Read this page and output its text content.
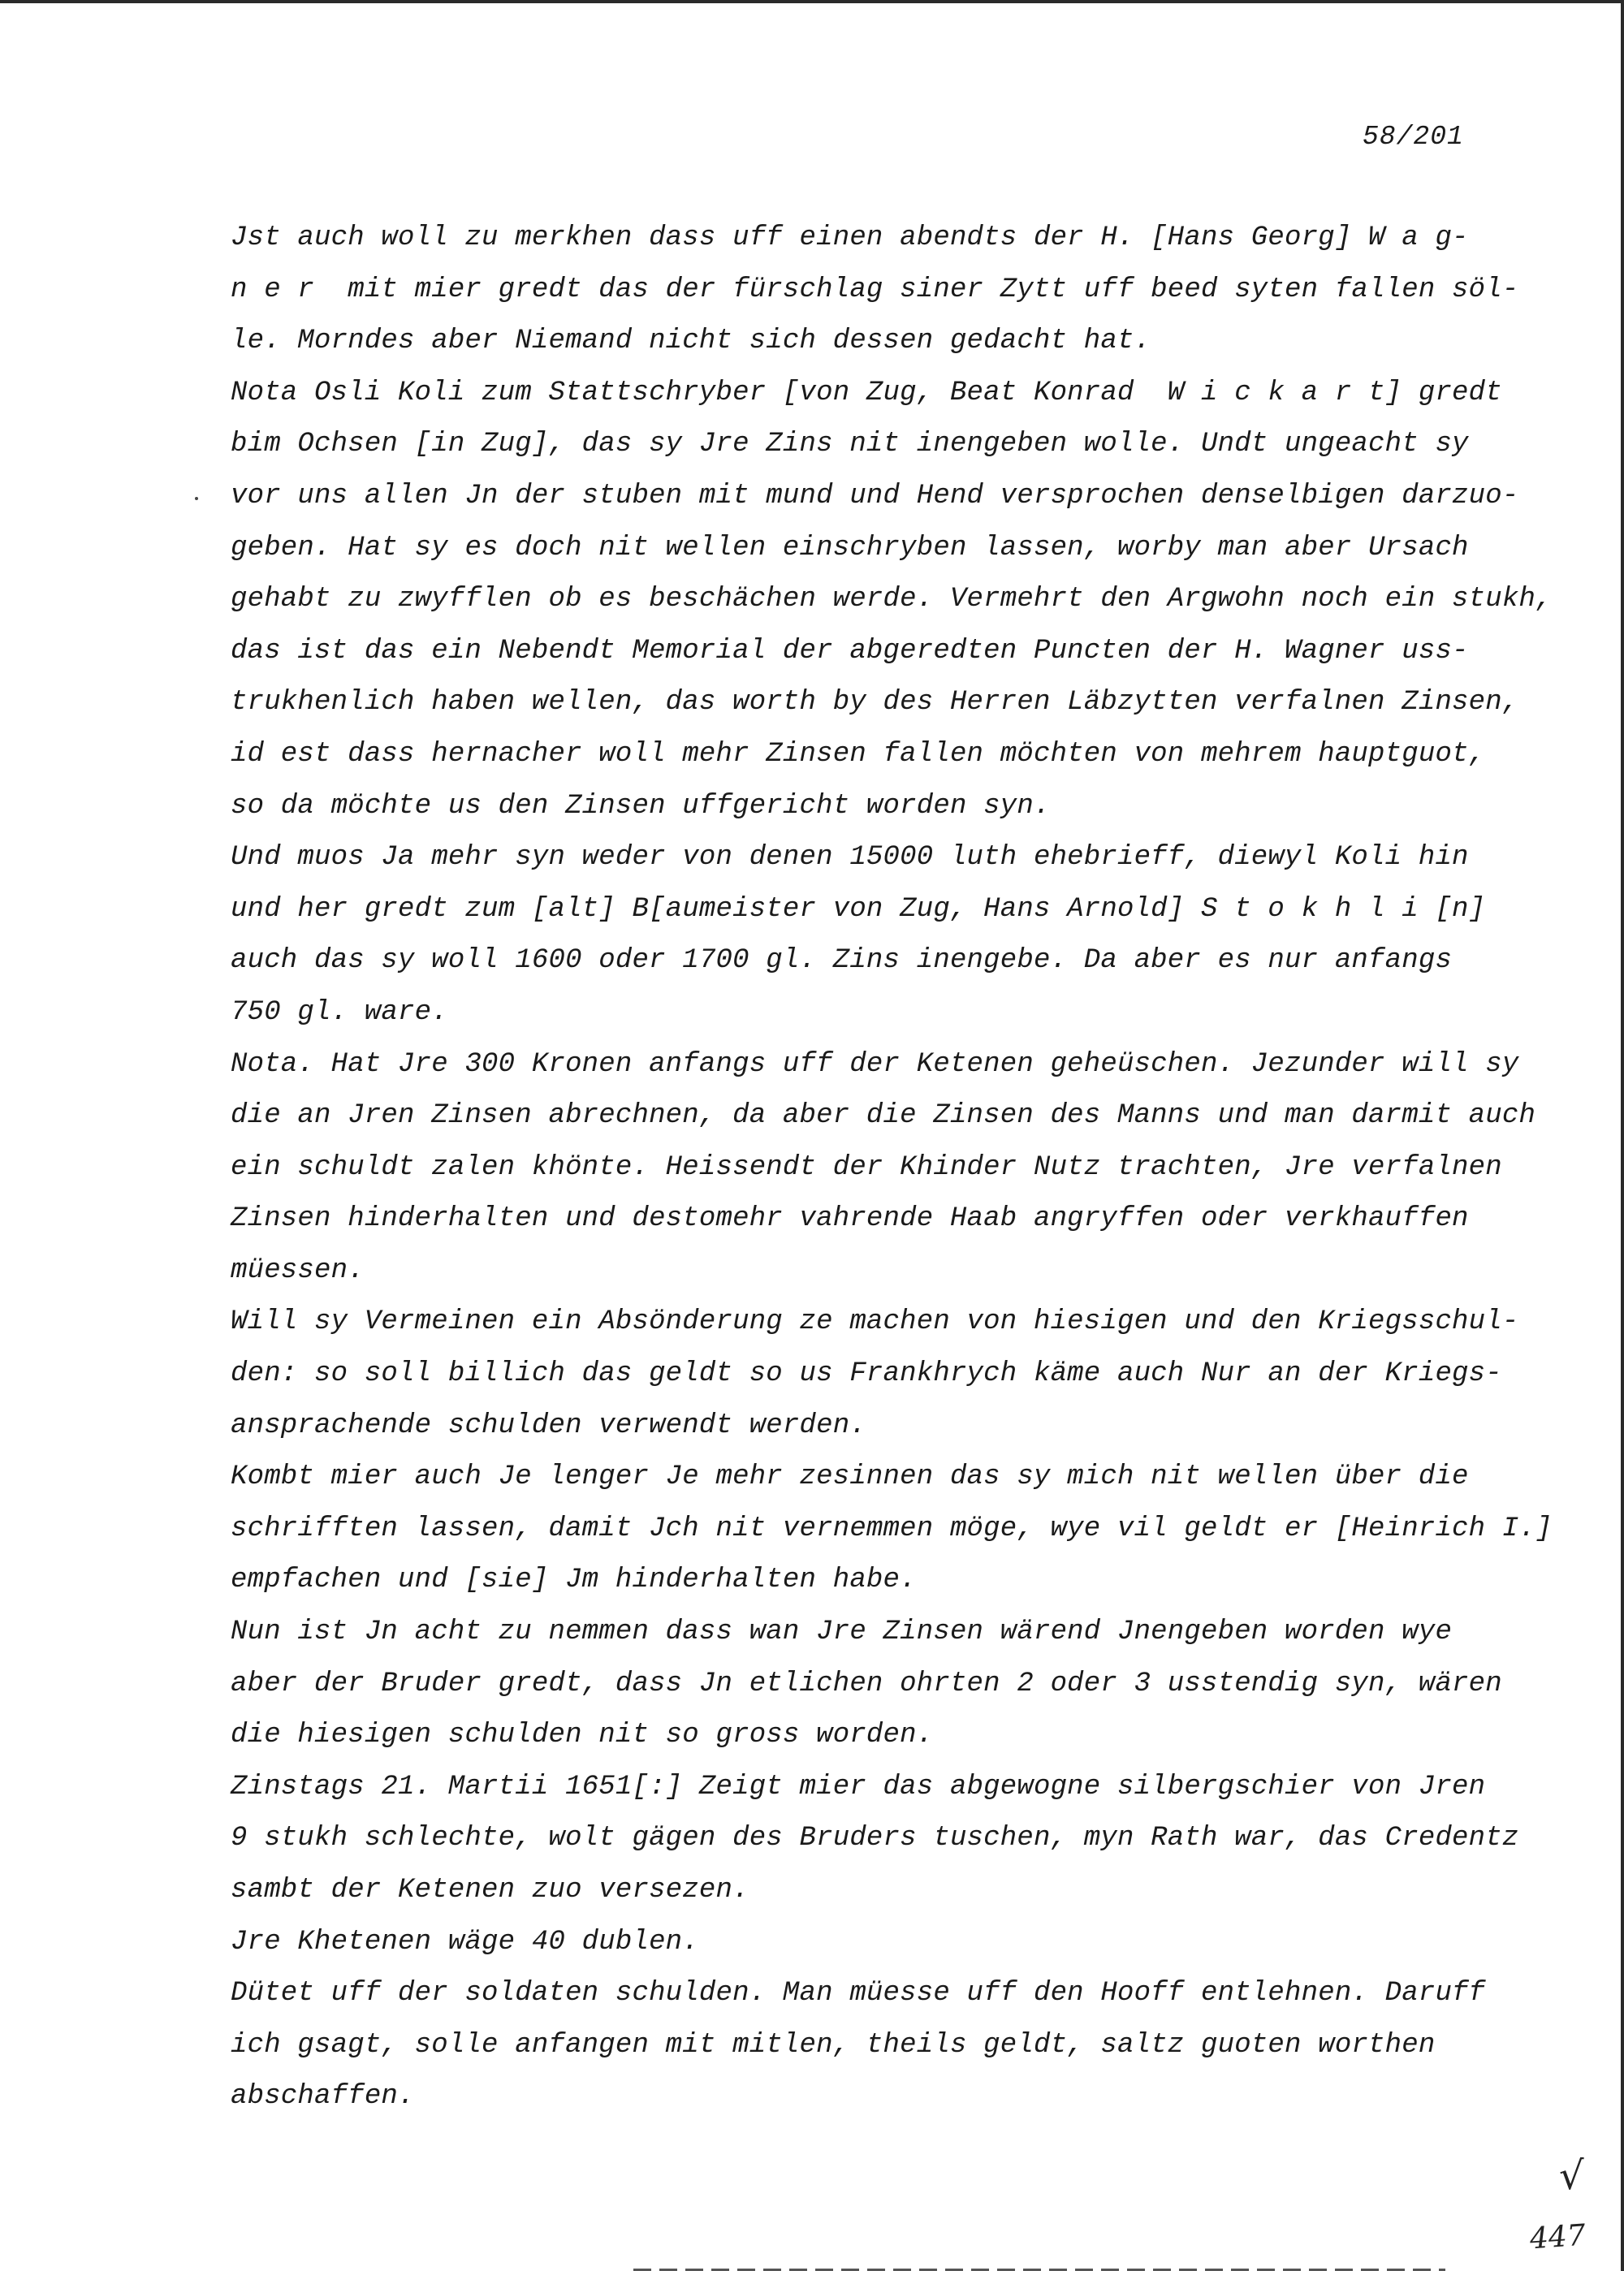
58/201
Jst auch woll zu merkhen dass uff einen abendts der H. [Hans Georg] W a g-
n e r  mit mier gredt das der fürschlag siner Zytt uff beed syten fallen söl-
le. Morndes aber Niemand nicht sich dessen gedacht hat.
Nota Osli Koli zum Stattschryber [von Zug, Beat Konrad  W i c k a r t] gredt
bim Ochsen [in Zug], das sy Jre Zins nit inengeben wolle. Undt ungeacht sy
vor uns allen Jn der stuben mit mund und Hend versprochen denselbigen darzuo-
geben. Hat sy es doch nit wellen einschryben lassen, worby man aber Ursach
gehabt zu zwyfflen ob es beschächen werde. Vermehrt den Argwohn noch ein stukh,
das ist das ein Nebendt Memorial der abgeredten Puncten der H. Wagner uss-
trukhenlich haben wellen, das worth by des Herren Läbzytten verfalnen Zinsen,
id est dass hernacher woll mehr Zinsen fallen möchten von mehrem hauptguot,
so da möchte us den Zinsen uffgericht worden syn.
Und muos Ja mehr syn weder von denen 15000 luth ehebrieff, diewyl Koli hin
und her gredt zum [alt] B[aumeister von Zug, Hans Arnold] S t o k h l i [n]
auch das sy woll 1600 oder 1700 gl. Zins inengebe. Da aber es nur anfangs
750 gl. ware.
Nota. Hat Jre 300 Kronen anfangs uff der Ketenen geheüschen. Jezunder will sy
die an Jren Zinsen abrechnen, da aber die Zinsen des Manns und man darmit auch
ein schuldt zalen khönte. Heissendt der Khinder Nutz trachten, Jre verfalnen
Zinsen hinderhalten und destomehr vahrende Haab angryffen oder verkhauffen
müessen.
Will sy Vermeinen ein Absönderung ze machen von hiesigen und den Kriegsschul-
den: so soll billich das geldt so us Frankhrych käme auch Nur an der Kriegs-
ansprachende schulden verwendt werden.
Kombt mier auch Je lenger Je mehr zesinnen das sy mich nit wellen über die
schrifften lassen, damit Jch nit vernemmen möge, wye vil geldt er [Heinrich I.]
empfachen und [sie] Jm hinderhalten habe.
Nun ist Jn acht zu nemmen dass wan Jre Zinsen wärend Jnengeben worden wye
aber der Bruder gredt, dass Jn etlichen ohrten 2 oder 3 usstendig syn, wären
die hiesigen schulden nit so gross worden.
Zinstags 21. Martii 1651[:] Zeigt mier das abgewogne silbergschier von Jren
9 stukh schlechte, wolt gägen des Bruders tuschen, myn Rath war, das Credentz
sambt der Ketenen zuo versezen.
Jre Khetenen wäge 40 dublen.
Dütet uff der soldaten schulden. Man müesse uff den Hooff entlehnen. Daruff
ich gsagt, solle anfangen mit mitlen, theils geldt, saltz guoten worthen
abschaffen.
√
447
